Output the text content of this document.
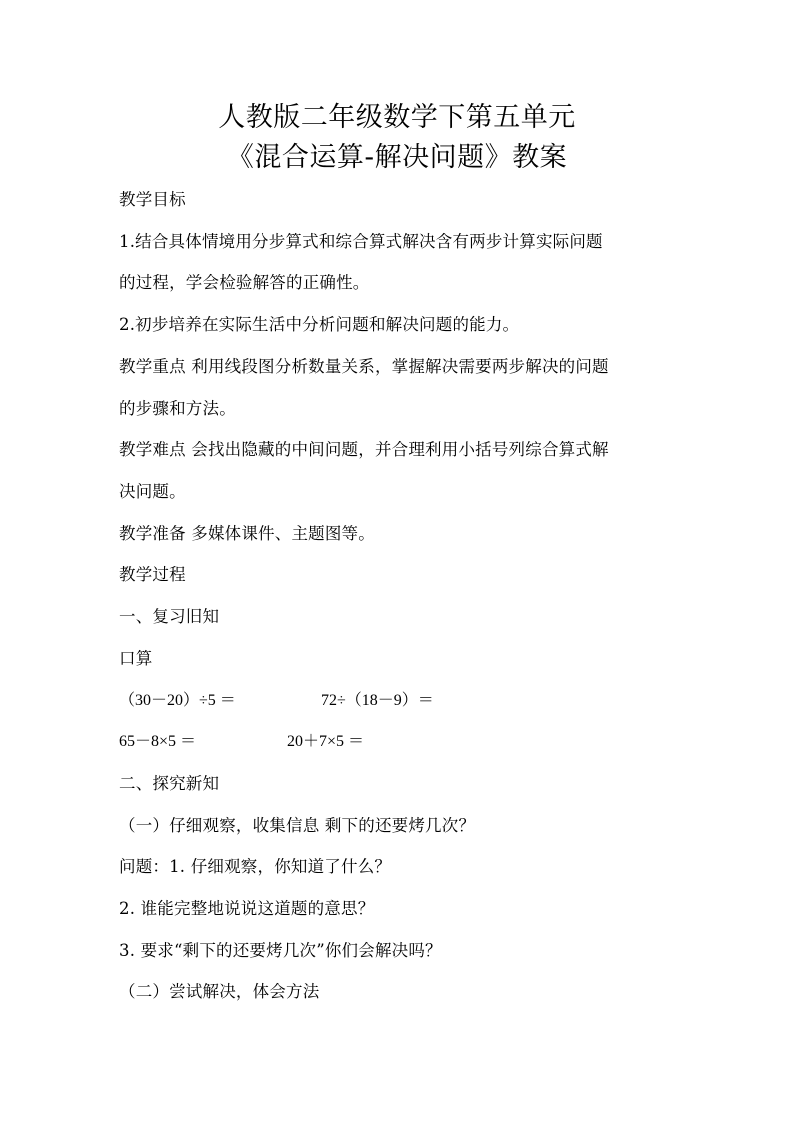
人教版二年级数学下第五单元
《混合运算-解决问题》教案
教学目标
1.结合具体情境用分步算式和综合算式解决含有两步计算实际问题
的过程，学会检验解答的正确性。
2.初步培养在实际生活中分析问题和解决问题的能力。
教学重点 利用线段图分析数量关系，掌握解决需要两步解决的问题
的步骤和方法。
教学难点 会找出隐藏的中间问题，并合理利用小括号列综合算式解
决问题。
教学准备 多媒体课件、主题图等。
教学过程
一、复习旧知
口算
（30－20）÷5 ＝	72÷（18－9）＝
65－8×5 ＝	20＋7×5 ＝
二、探究新知
（一）仔细观察，收集信息 剩下的还要烤几次？
问题：1. 仔细观察，你知道了什么？
2. 谁能完整地说说这道题的意思？
3. 要求“剩下的还要烤几次”你们会解决吗？
（二）尝试解决，体会方法
